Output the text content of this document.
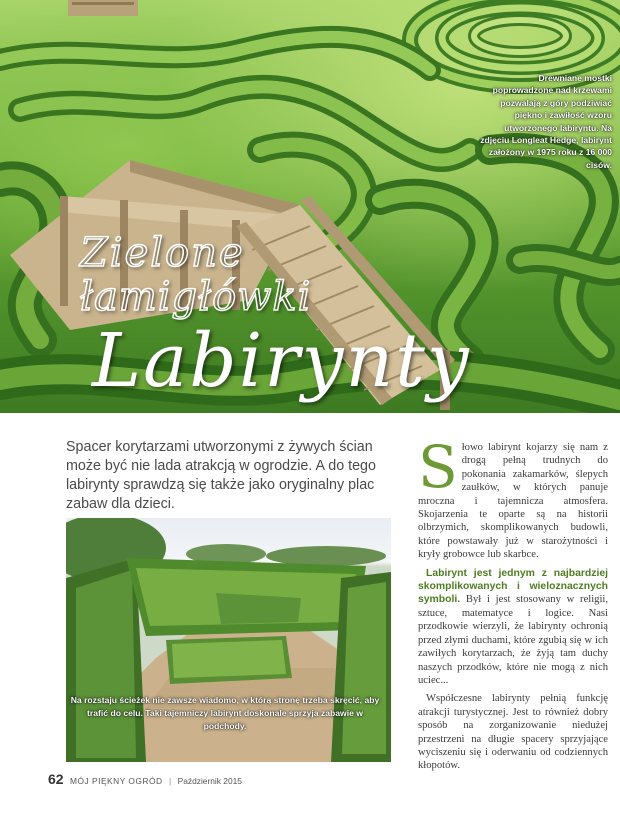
Drewniane mostki poprowadzone nad krzewami pozwalają z góry podziwiać piękno i zawiłość wzoru utworzonego labiryntu. Na zdjęciu Longleat Hedge, labirynt założony w 1975 roku z 16 000 cisów.
Zielone
łamigłówki
Labirynty
Spacer korytarzami utworzonymi z żywych ścian może być nie lada atrakcją w ogrodzie. A do tego labirynty sprawdzą się także jako oryginalny plac zabaw dla dzieci.

Słowo labirynt kojarzy się nam z drogą pełną trudnych do pokonania zakamarków, ślepych zaułków, w których panuje mroczna i tajemnicza atmosfera. Skojarzenia te oparte są na historii olbrzymich, skomplikowanych budowli, które powstawały już w starożytności i kryły grobowce lub skarbce.

Labirynt jest jednym z najbardziej skomplikowanych i wieloznacznych symboli. Był i jest stosowany w religii, sztuce, matematyce i logice. Nasi przodkowie wierzyli, że labirynty ochronią przed złymi duchami, które zgubią się w ich zawiłych korytarzach, że żyją tam duchy naszych przodków, które nie mogą z nich uciec...

Współczesne labirynty pełnią funkcję atrakcji turystycznej. Jest to również dobry sposób na zorganizowanie niedużej przestrzeni na długie spacery sprzyjające wyciszeniu się i oderwaniu od codziennych kłopotów.

Na rozstaju ścieżek nie zawsze wiadomo, w którą stronę trzeba skręcić, aby trafić do celu. Taki tajemniczy labirynt doskonale sprzyja zabawie w podchody.
62 MÓJ PIĘKNY OGRÓD | Październik 2015
